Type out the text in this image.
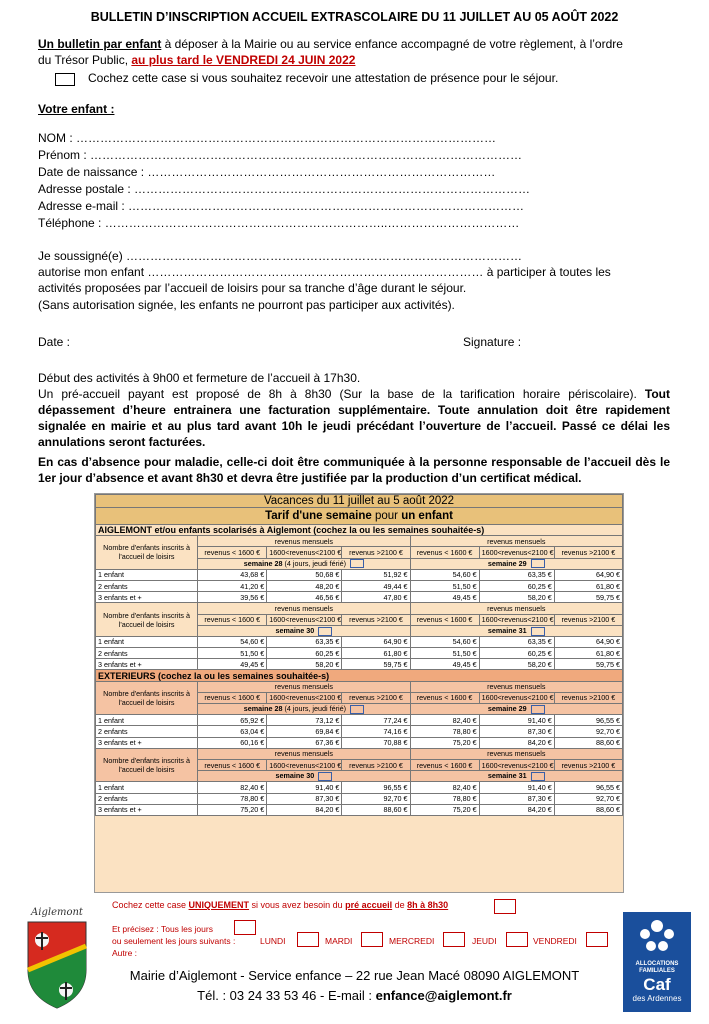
BULLETIN D’INSCRIPTION ACCUEIL EXTRASCOLAIRE DU 11 JUILLET AU 05 AOÛT 2022
Un bulletin par enfant à déposer à la Mairie ou au service enfance accompagné de votre règlement, à l’ordre
du Trésor Public, au plus tard le VENDREDI 24 JUIN 2022
Cochez cette case si vous souhaitez recevoir une attestation de présence pour le séjour.
Votre enfant :
NOM : ……………………………………………………………………………………………
Prénom : ………………………………………………………………………………………………
Date de naissance : ……………………………………………………………………………
Adresse postale : ………………………………………………………………………………………
Adresse e-mail : ………………………………………………………………………………………
Téléphone : ……………………………………………………………..……………………………
Je soussigné(e) ………………………………………………………………………………………
autorise mon enfant ………………………………………………………………………… à participer à toutes les
activités proposées par l’accueil de loisirs pour sa tranche d’âge durant le séjour.
(Sans autorisation signée, les enfants ne pourront pas participer aux activités).
Date :	Signature :
Début des activités à 9h00 et fermeture de l’accueil à 17h30.
Un pré-accueil payant est proposé de 8h à 8h30 (Sur la base de la tarification horaire périscolaire). Tout dépassement d’heure entrainera une facturation supplémentaire. Toute annulation doit être rapidement signalée en mairie et au plus tard avant 10h le jeudi précédant l’ouverture de l’accueil. Passé ce délai les annulations seront facturées.
En cas d’absence pour maladie, celle-ci doit être communiquée à la personne responsable de l’accueil dès le 1er jour d’absence et avant 8h30 et devra être justifiée par la production d’un certificat médical.
Vacances du 11 juillet au 5 août 2022						
Tarif d'une semaine pour un enfant						
AIGLEMONT et/ou enfants scolarisés à Aiglemont (cochez la ou les semaines souhaitée-s)						
Nombre d'enfants inscrits à l'accueil de loisirs	revenus mensuels			revenus mensuels		
	revenus < 1600 €	1600<revenus<2100 €	revenus >2100 €	revenus < 1600 €	1600<revenus<2100 €	revenus >2100 €
	semaine 28 (4 jours, jeudi férié)			semaine 29		
1 enfant	43,68 €	50,68 €	51,92 €	54,60 €	63,35 €	64,90 €
2 enfants	41,20 €	48,20 €	49,44 €	51,50 €	60,25 €	61,80 €
3 enfants et +	39,56 €	46,56 €	47,80 €	49,45 €	58,20 €	59,75 €
Nombre d'enfants inscrits à l'accueil de loisirs	revenus mensuels			revenus mensuels		
	revenus < 1600 €	1600<revenus<2100 €	revenus >2100 €	revenus < 1600 €	1600<revenus<2100 €	revenus >2100 €
	semaine 30			semaine 31		
1 enfant	54,60 €	63,35 €	64,90 €	54,60 €	63,35 €	64,90 €
2 enfants	51,50 €	60,25 €	61,80 €	51,50 €	60,25 €	61,80 €
3 enfants et +	49,45 €	58,20 €	59,75 €	49,45 €	58,20 €	59,75 €
EXTERIEURS (cochez la ou les semaines souhaitée-s)						
Nombre d'enfants inscrits à l'accueil de loisirs	revenus mensuels			revenus mensuels		
	revenus < 1600 €	1600<revenus<2100 €	revenus >2100 €	revenus < 1600 €	1600<revenus<2100 €	revenus >2100 €
	semaine 28 (4 jours, jeudi férié)			semaine 29		
1 enfant	65,92 €	73,12 €	77,24 €	82,40 €	91,40 €	96,55 €
2 enfants	63,04 €	69,84 €	74,16 €	78,80 €	87,30 €	92,70 €
3 enfants et +	60,16 €	67,36 €	70,88 €	75,20 €	84,20 €	88,60 €
Nombre d'enfants inscrits à l'accueil de loisirs	revenus mensuels			revenus mensuels		
	revenus < 1600 €	1600<revenus<2100 €	revenus >2100 €	revenus < 1600 €	1600<revenus<2100 €	revenus >2100 €
	semaine 30			semaine 31		
1 enfant	82,40 €	91,40 €	96,55 €	82,40 €	91,40 €	96,55 €
2 enfants	78,80 €	87,30 €	92,70 €	78,80 €	87,30 €	92,70 €
3 enfants et +	75,20 €	84,20 €	88,60 €	75,20 €	84,20 €	88,60 €
Cochez cette case UNIQUEMENT si vous avez besoin du pré accueil de 8h à 8h30
Et précisez : Tous les jours
ou seulement les jours suivants :	LUNDI	MARDI	MERCREDI	JEUDI	VENDREDI
Autre :
Aiglemont
ALLOCATIONS
FAMILIALES
Caf
des Ardennes
Mairie d’Aiglemont - Service enfance – 22 rue Jean Macé 08090 AIGLEMONT
Tél. : 03 24 33 53 46 - E-mail : enfance@aiglemont.fr
